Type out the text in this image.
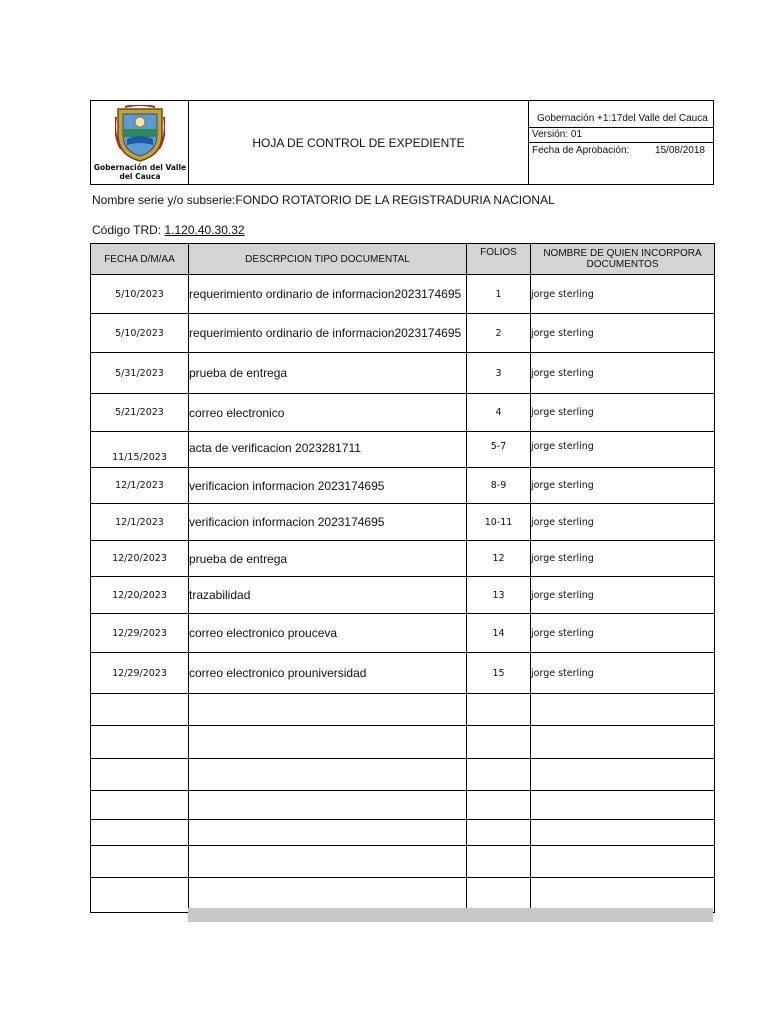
Gobernación del Valle del Cauca
HOJA DE CONTROL DE EXPEDIENTE
Gobernación +1:17del Valle del Cauca
Versión: 01
Fecha de Aprobación:	15/08/2018
Nombre serie y/o subserie:FONDO ROTATORIO DE LA REGISTRADURIA NACIONAL
Código TRD: 1.120.40.30.32
FECHA D/M/AA	DESCRPCION TIPO DOCUMENTAL	FOLIOS	NOMBRE DE QUIEN INCORPORA DOCUMENTOS
5/10/2023	requerimiento ordinario de informacion2023174695	1	jorge sterling
5/10/2023	requerimiento ordinario de informacion2023174695	2	jorge sterling
5/31/2023	prueba de entrega	3	jorge sterling
5/21/2023	correo electronico	4	jorge sterling
11/15/2023	acta de verificacion 2023281711	5-7	jorge sterling
12/1/2023	verificacion informacion 2023174695	8-9	jorge sterling
12/1/2023	verificacion informacion 2023174695	10-11	jorge sterling
12/20/2023	prueba de entrega	12	jorge sterling
12/20/2023	trazabilidad	13	jorge sterling
12/29/2023	correo electronico prouceva	14	jorge sterling
12/29/2023	correo electronico prouniversidad	15	jorge sterling
